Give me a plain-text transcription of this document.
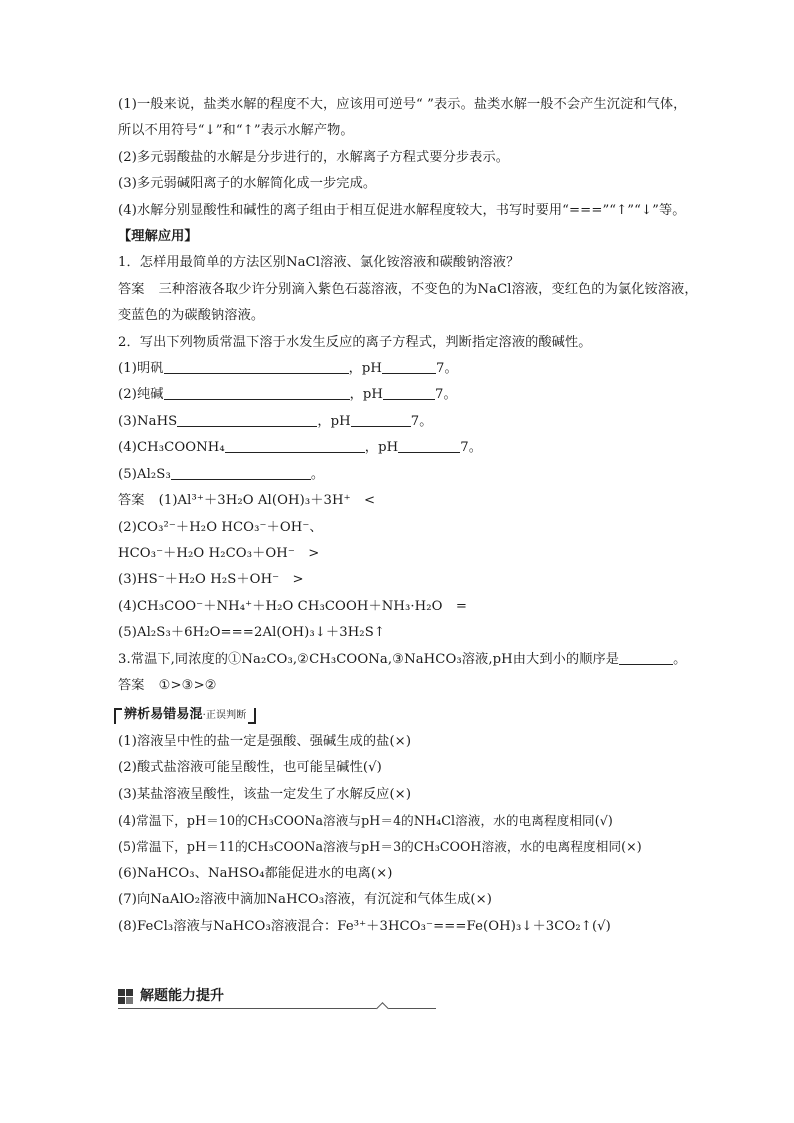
(1)一般来说，盐类水解的程度不大，应该用可逆号“ ”表示。盐类水解一般不会产生沉淀和气体，所以不用符号“↓”和“↑”表示水解产物。
(2)多元弱酸盐的水解是分步进行的，水解离子方程式要分步表示。
(3)多元弱碱阳离子的水解简化成一步完成。
(4)水解分别显酸性和碱性的离子组由于相互促进水解程度较大，书写时要用“===”“↑”“↓”等。
【理解应用】
1．怎样用最简单的方法区别NaCl溶液、氯化铵溶液和碳酸钠溶液？
答案 三种溶液各取少许分别滴入紫色石蕊溶液，不变色的为NaCl溶液，变红色的为氯化铵溶液，变蓝色的为碳酸钠溶液。
2．写出下列物质常温下溶于水发生反应的离子方程式，判断指定溶液的酸碱性。
(1)明矾	，pH	7。
(2)纯碱	，pH	7。
(3)NaHS	，pH	7。
(4)CH₃COONH₄	，pH	7。
(5)Al₂S₃	。
答案 (1)Al³⁺＋3H₂O Al(OH)₃＋3H⁺　<
(2)CO₃²⁻＋H₂O HCO₃⁻＋OH⁻、
HCO₃⁻＋H₂O H₂CO₃＋OH⁻　>
(3)HS⁻＋H₂O H₂S＋OH⁻　>
(4)CH₃COO⁻＋NH₄⁺＋H₂O CH₃COOH＋NH₃·H₂O　=
(5)Al₂S₃＋6H₂O===2Al(OH)₃↓＋3H₂S↑
3.常温下,同浓度的①Na₂CO₃,②CH₃COONa,③NaHCO₃溶液,pH由大到小的顺序是	。
答案 ①>③>②
辨析易错易混·正误判断
(1)溶液呈中性的盐一定是强酸、强碱生成的盐(×)
(2)酸式盐溶液可能呈酸性，也可能呈碱性(√)
(3)某盐溶液呈酸性，该盐一定发生了水解反应(×)
(4)常温下，pH＝10的CH₃COONa溶液与pH＝4的NH₄Cl溶液，水的电离程度相同(√)
(5)常温下，pH＝11的CH₃COONa溶液与pH＝3的CH₃COOH溶液，水的电离程度相同(×)
(6)NaHCO₃、NaHSO₄都能促进水的电离(×)
(7)向NaAlO₂溶液中滴加NaHCO₃溶液，有沉淀和气体生成(×)
(8)FeCl₃溶液与NaHCO₃溶液混合：Fe³⁺＋3HCO₃⁻===Fe(OH)₃↓＋3CO₂↑(√)
解题能力提升
